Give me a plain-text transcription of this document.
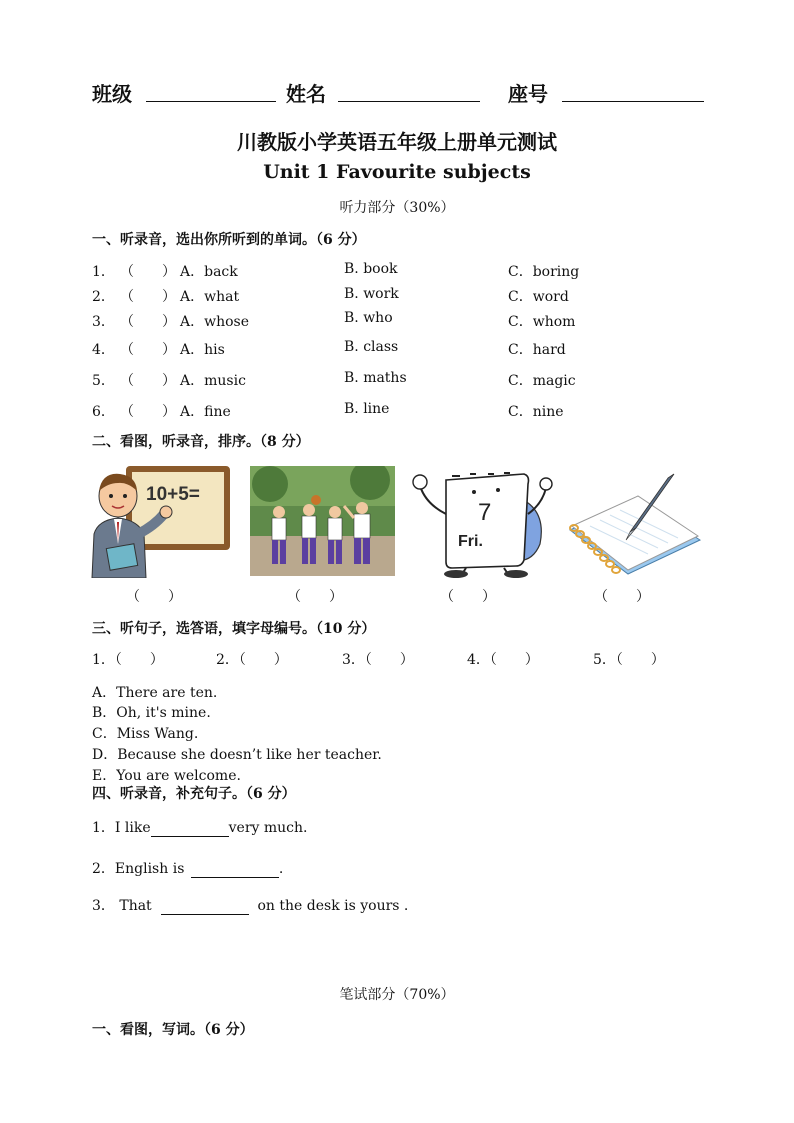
班级	姓名	座号
川教版小学英语五年级上册单元测试
Unit 1 Favourite subjects
听力部分（30%）
一、听录音，选出你所听到的单词。（6 分）
1． （　　） A．back	B. book	C．boring
2． （　　） A．what	B. work	C．word
3． （　　） A．whose	B. who	C．whom
4． （　　） A．his	B. class	C．hard
5． （　　） A．music	B. maths	C．magic
6． （　　） A．fine	B. line	C．nine
二、看图，听录音，排序。（8 分）
10+5=
7
Fri.
（　　）	（　　）	（　　）	（　　）
三、听句子，选答语，填字母编号。（10 分）
1．（　　）	2．（　　）	3．（　　）	4．（　　）	5．（　　）
A．There are ten.
B．Oh, it's mine.
C．Miss Wang.
D．Because she doesn’t like her teacher.
E．You are welcome.
四、听录音，补充句子。（6 分）
1．I like	very much.
2．English is	.
3． That	on the desk is yours .
笔试部分（70%）
一、看图，写词。（6 分）
